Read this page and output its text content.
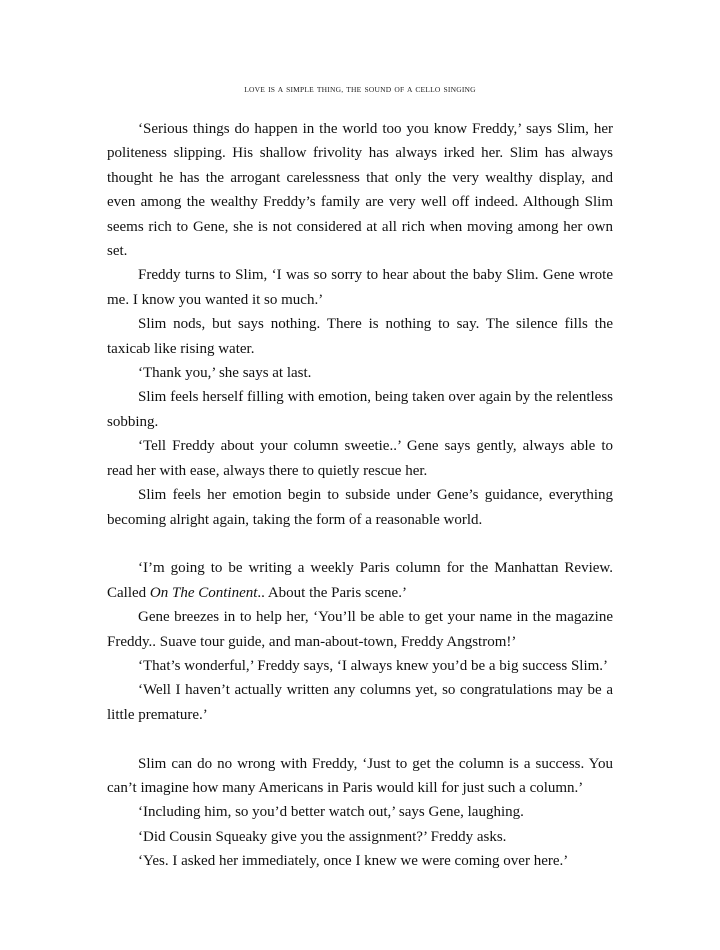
LOVE IS A SIMPLE THING, THE SOUND OF A CELLO SINGING

‘Serious things do happen in the world too you know Freddy,’ says Slim, her politeness slipping. His shallow frivolity has always irked her. Slim has always thought he has the arrogant carelessness that only the very wealthy display, and even among the wealthy Freddy’s family are very well off indeed. Although Slim seems rich to Gene, she is not considered at all rich when moving among her own set.

Freddy turns to Slim, ‘I was so sorry to hear about the baby Slim. Gene wrote me. I know you wanted it so much.’

Slim nods, but says nothing. There is nothing to say. The silence fills the taxicab like rising water.

‘Thank you,’ she says at last.

Slim feels herself filling with emotion, being taken over again by the relentless sobbing.

‘Tell Freddy about your column sweetie..’ Gene says gently, always able to read her with ease, always there to quietly rescue her.

Slim feels her emotion begin to subside under Gene’s guidance, everything becoming alright again, taking the form of a reasonable world.

‘I’m going to be writing a weekly Paris column for the Manhattan Review. Called On The Continent.. About the Paris scene.’

Gene breezes in to help her, ‘You’ll be able to get your name in the magazine Freddy.. Suave tour guide, and man-about-town, Freddy Angstrom!’

‘That’s wonderful,’ Freddy says, ‘I always knew you’d be a big success Slim.’

‘Well I haven’t actually written any columns yet, so congratulations may be a little premature.’

Slim can do no wrong with Freddy, ‘Just to get the column is a success. You can’t imagine how many Americans in Paris would kill for just such a column.’

‘Including him, so you’d better watch out,’ says Gene, laughing.

‘Did Cousin Squeaky give you the assignment?’ Freddy asks.

‘Yes. I asked her immediately, once I knew we were coming over here.’
